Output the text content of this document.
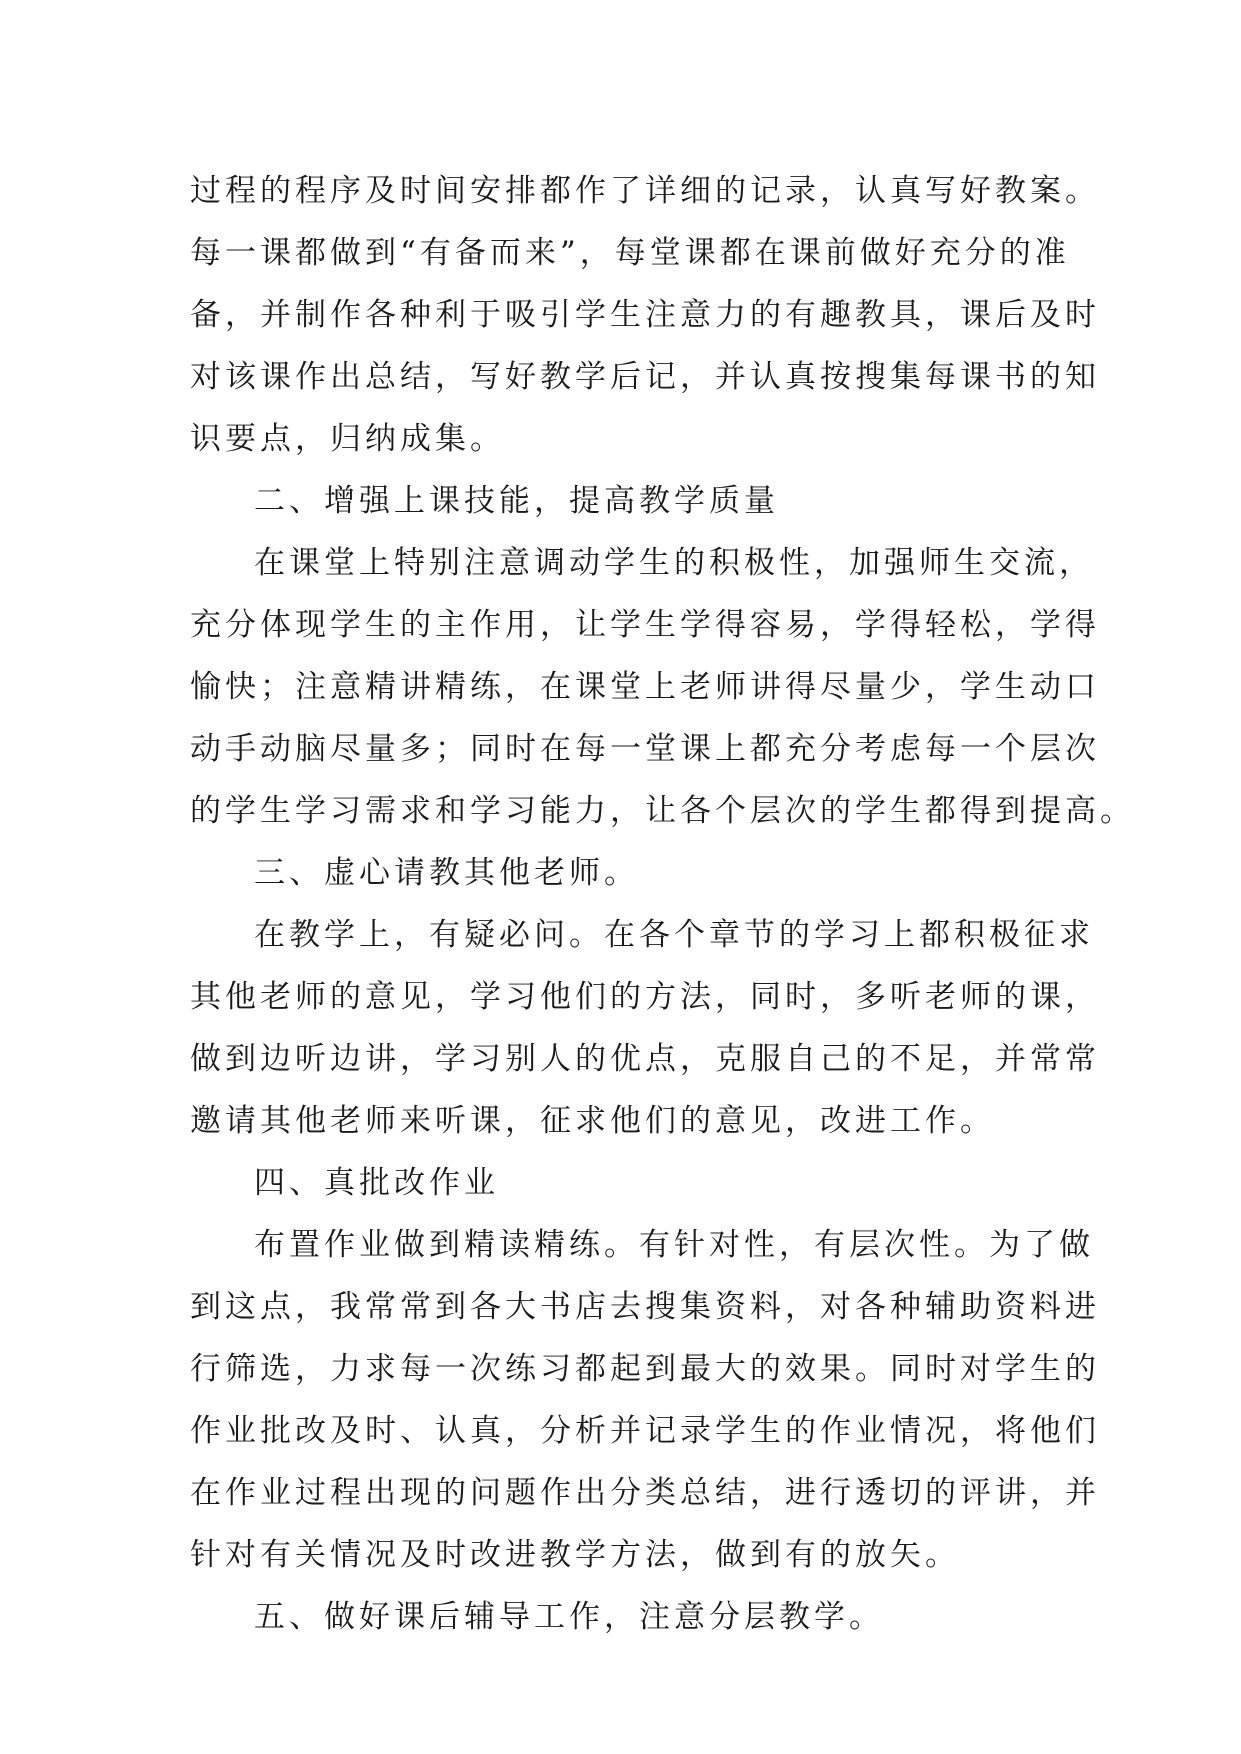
过程的程序及时间安排都作了详细的记录，认真写好教案。
每一课都做到“有备而来”，每堂课都在课前做好充分的准
备，并制作各种利于吸引学生注意力的有趣教具，课后及时
对该课作出总结，写好教学后记，并认真按搜集每课书的知
识要点，归纳成集。
二、增强上课技能，提高教学质量
在课堂上特别注意调动学生的积极性，加强师生交流，
充分体现学生的主作用，让学生学得容易，学得轻松，学得
愉快；注意精讲精练，在课堂上老师讲得尽量少，学生动口
动手动脑尽量多；同时在每一堂课上都充分考虑每一个层次
的学生学习需求和学习能力，让各个层次的学生都得到提高。
三、虚心请教其他老师。
在教学上，有疑必问。在各个章节的学习上都积极征求
其他老师的意见，学习他们的方法，同时，多听老师的课，
做到边听边讲，学习别人的优点，克服自己的不足，并常常
邀请其他老师来听课，征求他们的意见，改进工作。
四、真批改作业
布置作业做到精读精练。有针对性，有层次性。为了做
到这点，我常常到各大书店去搜集资料，对各种辅助资料进
行筛选，力求每一次练习都起到最大的效果。同时对学生的
作业批改及时、认真，分析并记录学生的作业情况，将他们
在作业过程出现的问题作出分类总结，进行透切的评讲，并
针对有关情况及时改进教学方法，做到有的放矢。
五、做好课后辅导工作，注意分层教学。
